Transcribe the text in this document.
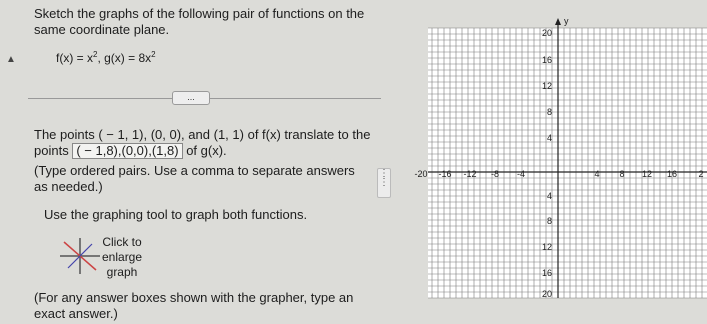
Sketch the graphs of the following pair of functions on the
same coordinate plane.
▲	$f(x) = x^2$, $g(x) = 8x^2$
...
The points ( − 1, 1), (0, 0), and (1, 1) of f(x) translate to the
points ( − 1,8),(0,0),(1,8) of g(x).
(Type ordered pairs. Use a comma to separate answers
as needed.)
Use the graphing tool to graph both functions.
Click to
enlarge
graph
(For any answer boxes shown with the grapher, type an
exact answer.)
⋮
⋮
y
-20 -16 -12 -8 -4	4 8 12 16 2
20
16
12
8
4
4
8
12
16
20
